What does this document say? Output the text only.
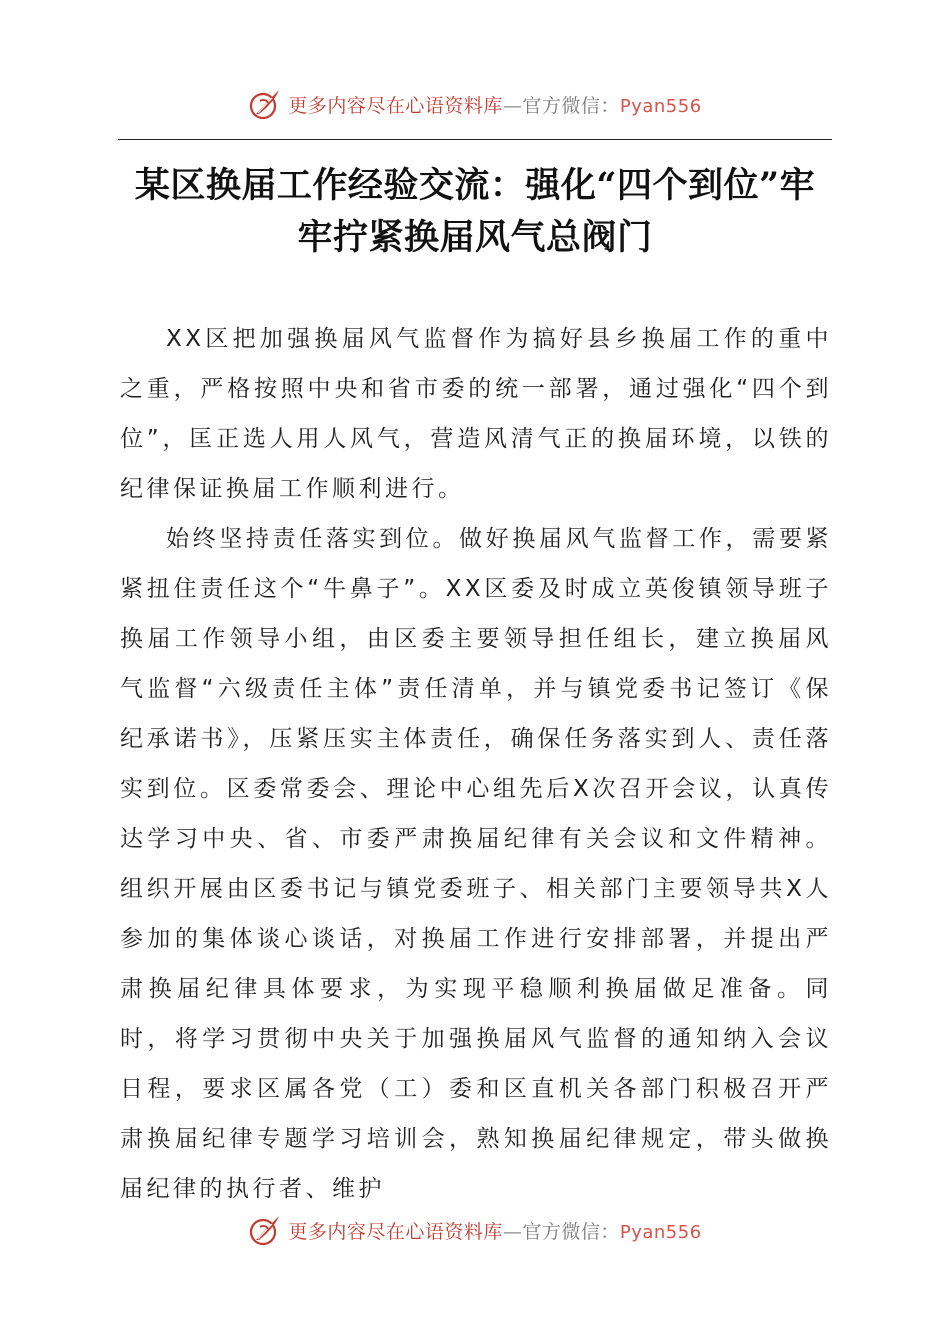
更多内容尽在心语资料库—官方微信：Pyan556
某区换届工作经验交流：强化“四个到位”牢牢拧紧换届风气总阀门

XX区把加强换届风气监督作为搞好县乡换届工作的重中之重，严格按照中央和省市委的统一部署，通过强化“四个到位”，匡正选人用人风气，营造风清气正的换届环境，以铁的纪律保证换届工作顺利进行。

始终坚持责任落实到位。做好换届风气监督工作，需要紧紧扭住责任这个“牛鼻子”。XX区委及时成立英俊镇领导班子换届工作领导小组，由区委主要领导担任组长，建立换届风气监督“六级责任主体”责任清单，并与镇党委书记签订《保纪承诺书》，压紧压实主体责任，确保任务落实到人、责任落实到位。区委常委会、理论中心组先后X次召开会议，认真传达学习中央、省、市委严肃换届纪律有关会议和文件精神。组织开展由区委书记与镇党委班子、相关部门主要领导共X人参加的集体谈心谈话，对换届工作进行安排部署，并提出严肃换届纪律具体要求，为实现平稳顺利换届做足准备。同时，将学习贯彻中央关于加强换届风气监督的通知纳入会议日程，要求区属各党（工）委和区直机关各部门积极召开严肃换届纪律专题学习培训会，熟知换届纪律规定，带头做换届纪律的执行者、维护

更多内容尽在心语资料库—官方微信：Pyan556
